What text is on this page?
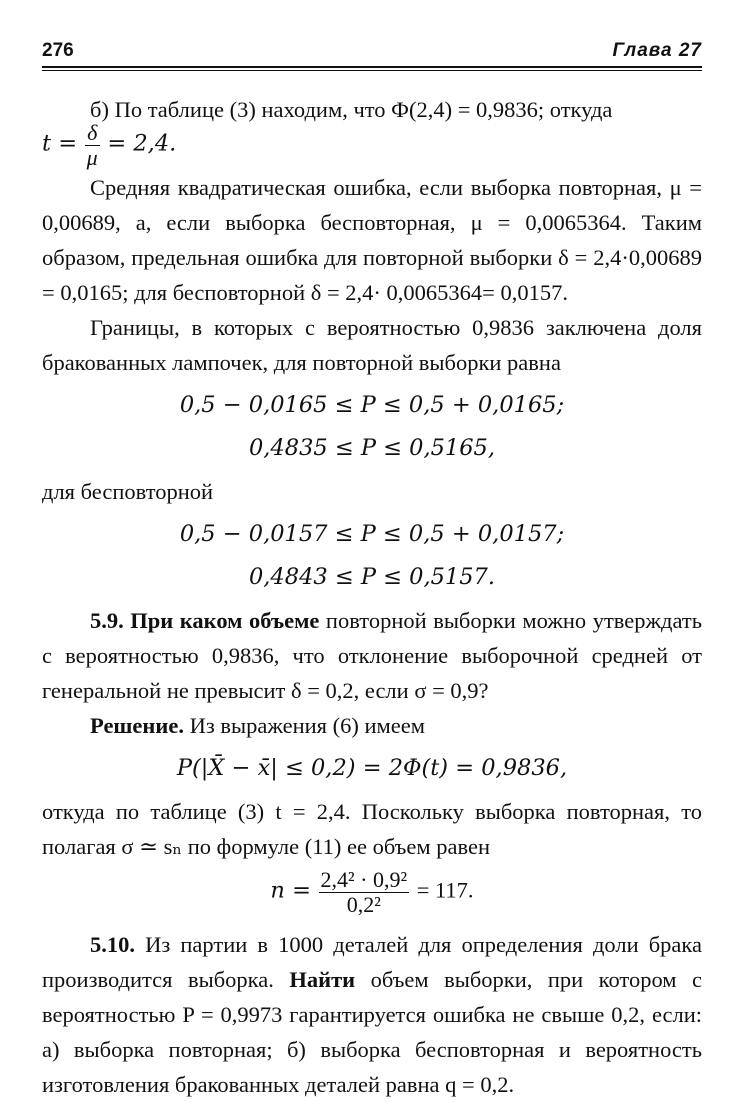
276	Глава 27

б) По таблице (3) находим, что Ф(2,4) = 0,9836; откуда

$t = \frac{\delta}{\mu} = 2,4$.

Средняя квадратическая ошибка, если выборка повторная, μ = 0,00689, а, если выборка бесповторная, μ = 0,0065364. Таким образом, предельная ошибка для повторной выборки δ = 2,4·0,00689 = 0,0165; для бесповторной δ = 2,4· 0,0065364= 0,0157.

Границы, в которых с вероятностью 0,9836 заключена доля бракованных лампочек, для повторной выборки равна

0,5 − 0,0165 ≤ P ≤ 0,5 + 0,0165;

0,4835 ≤ P ≤ 0,5165,

для бесповторной

0,5 − 0,0157 ≤ P ≤ 0,5 + 0,0157;

0,4843 ≤ P ≤ 0,5157.

5.9. При каком объеме повторной выборки можно утверждать с вероятностью 0,9836, что отклонение выборочной средней от генеральной не превысит δ = 0,2, если σ = 0,9?

Решение. Из выражения (6) имеем

P(|X̄ − x̄| ≤ 0,2) = 2Φ(t) = 0,9836,

откуда по таблице (3) t = 2,4. Поскольку выборка повторная, то полагая σ ≃ sₙ по формуле (11) ее объем равен

$n = \frac{\text{2,4² · 0,9²}}{\text{0,2²}} = 117$.

5.10. Из партии в 1000 деталей для определения доли брака производится выборка. Найти объем выборки, при котором с вероятностью P = 0,9973 гарантируется ошибка не свыше 0,2, если: а) выборка повторная; б) выборка бесповторная и вероятность изготовления бракованных деталей равна q = 0,2.
